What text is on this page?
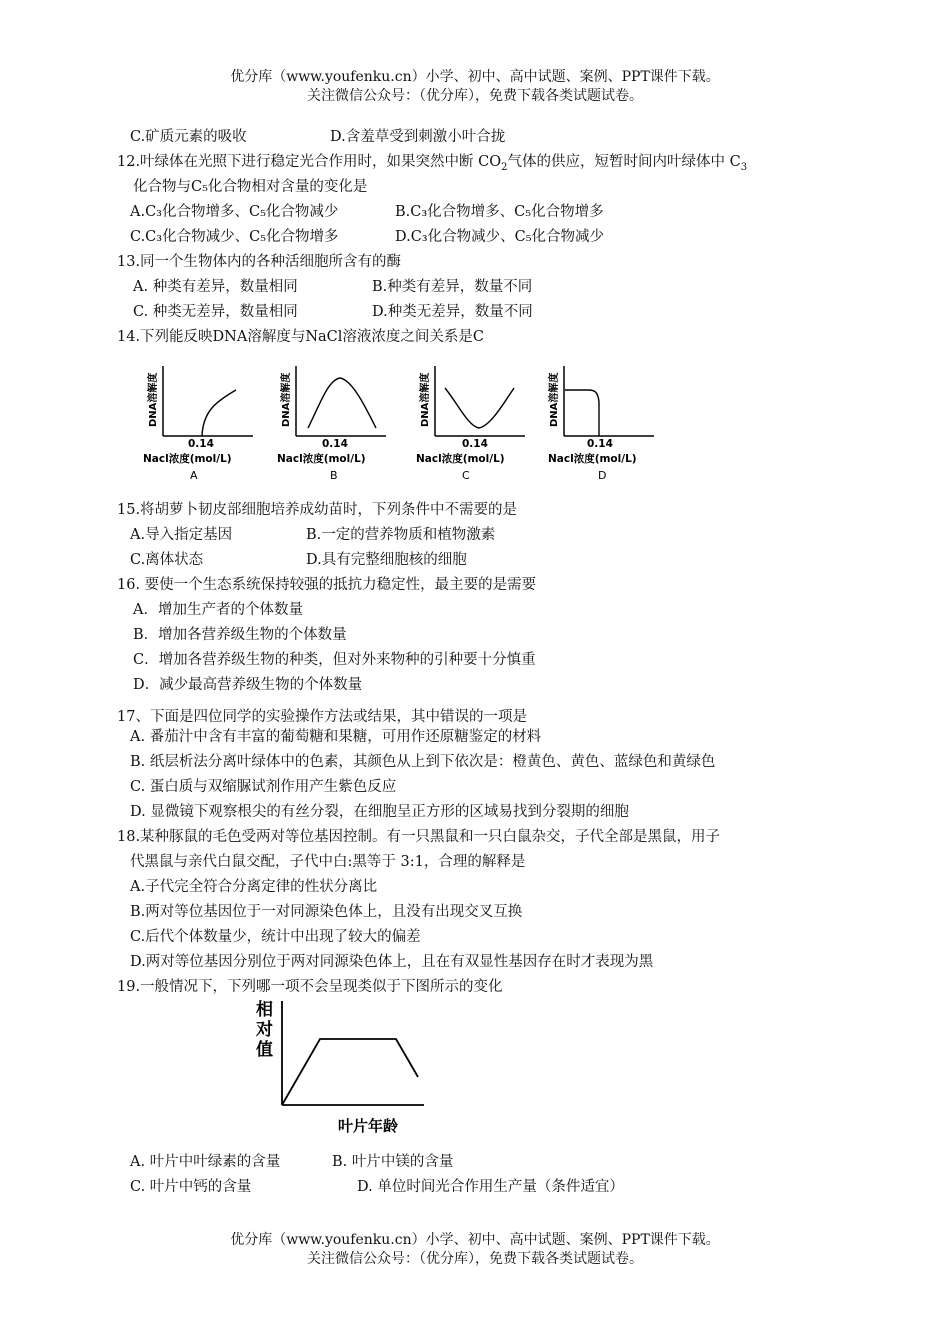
优分库（www.youfenku.cn）小学、初中、高中试题、案例、PPT课件下载。
关注微信公众号：（优分库），免费下载各类试题试卷。
C.矿质元素的吸收	D.含羞草受到刺激小叶合拢
12.叶绿体在光照下进行稳定光合作用时，如果突然中断 $CO_2$气体的供应，短暂时间内叶绿体中 $C_3$
化合物与C₅化合物相对含量的变化是
A.C₃化合物增多、C₅化合物减少	B.C₃化合物增多、C₅化合物增多
C.C₃化合物减少、C₅化合物增多	D.C₃化合物减少、C₅化合物减少
13.同一个生物体内的各种活细胞所含有的酶
A. 种类有差异，数量相同	B.种类有差异，数量不同
C. 种类无差异，数量相同	D.种类无差异，数量不同
14.下列能反映DNA溶解度与NaCl溶液浓度之间关系是C
DNA溶解度
0.14
Nacl浓度(mol/L)
A
DNA溶解度
0.14
Nacl浓度(mol/L)
B
DNA溶解度
0.14
Nacl浓度(mol/L)
C
DNA溶解度
0.14
Nacl浓度(mol/L)
D
15.将胡萝卜韧皮部细胞培养成幼苗时，下列条件中不需要的是
A.导入指定基因	B.一定的营养物质和植物激素
C.离体状态	D.具有完整细胞核的细胞
16. 要使一个生态系统保持较强的抵抗力稳定性，最主要的是需要
A．增加生产者的个体数量
B．增加各营养级生物的个体数量
C．增加各营养级生物的种类，但对外来物种的引种要十分慎重
D．减少最高营养级生物的个体数量
17、下面是四位同学的实验操作方法或结果，其中错误的一项是
A. 番茄汁中含有丰富的葡萄糖和果糖，可用作还原糖鉴定的材料
B. 纸层析法分离叶绿体中的色素，其颜色从上到下依次是：橙黄色、黄色、蓝绿色和黄绿色
C. 蛋白质与双缩脲试剂作用产生紫色反应
D. 显微镜下观察根尖的有丝分裂，在细胞呈正方形的区域易找到分裂期的细胞
18.某种豚鼠的毛色受两对等位基因控制。有一只黑鼠和一只白鼠杂交，子代全部是黑鼠，用子
代黑鼠与亲代白鼠交配，子代中白:黑等于 3:1，合理的解释是
A.子代完全符合分离定律的性状分离比
B.两对等位基因位于一对同源染色体上，且没有出现交叉互换
C.后代个体数量少，统计中出现了较大的偏差
D.两对等位基因分别位于两对同源染色体上，且在有双显性基因存在时才表现为黑
19.一般情况下，下列哪一项不会呈现类似于下图所示的变化
相
对
值
叶片年龄
A. 叶片中叶绿素的含量	B. 叶片中镁的含量
C. 叶片中钙的含量	D. 单位时间光合作用生产量（条件适宜）
优分库（www.youfenku.cn）小学、初中、高中试题、案例、PPT课件下载。
关注微信公众号：（优分库），免费下载各类试题试卷。
